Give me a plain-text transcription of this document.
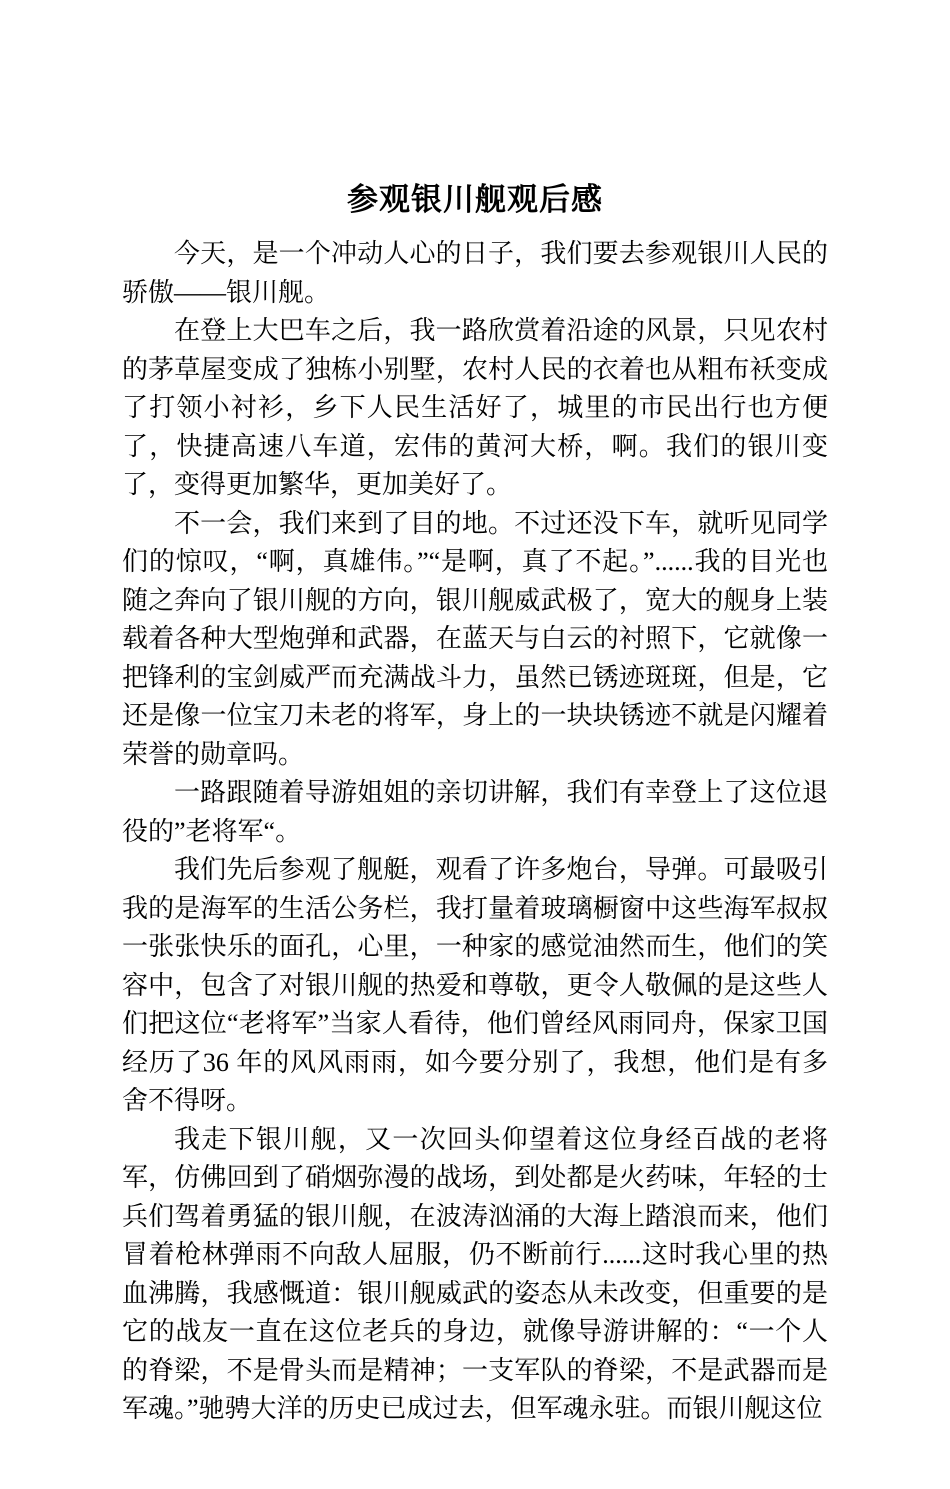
参观银川舰观后感

今天，是一个冲动人心的日子，我们要去参观银川人民的骄傲——银川舰。

在登上大巴车之后，我一路欣赏着沿途的风景，只见农村的茅草屋变成了独栋小别墅，农村人民的衣着也从粗布袄变成了打领小衬衫，乡下人民生活好了，城里的市民出行也方便了，快捷高速八车道，宏伟的黄河大桥，啊。我们的银川变了，变得更加繁华，更加美好了。

不一会，我们来到了目的地。不过还没下车，就听见同学们的惊叹，“啊，真雄伟。”“是啊，真了不起。”......我的目光也随之奔向了银川舰的方向，银川舰威武极了，宽大的舰身上装载着各种大型炮弹和武器，在蓝天与白云的衬照下，它就像一把锋利的宝剑威严而充满战斗力，虽然已锈迹斑斑，但是，它还是像一位宝刀未老的将军，身上的一块块锈迹不就是闪耀着荣誉的勋章吗。

一路跟随着导游姐姐的亲切讲解，我们有幸登上了这位退役的”老将军“。

我们先后参观了舰艇，观看了许多炮台，导弹。可最吸引我的是海军的生活公务栏，我打量着玻璃橱窗中这些海军叔叔一张张快乐的面孔，心里，一种家的感觉油然而生，他们的笑容中，包含了对银川舰的热爱和尊敬，更令人敬佩的是这些人们把这位“老将军”当家人看待，他们曾经风雨同舟，保家卫国经历了36 年的风风雨雨，如今要分别了，我想，他们是有多舍不得呀。

我走下银川舰，又一次回头仰望着这位身经百战的老将军，仿佛回到了硝烟弥漫的战场，到处都是火药味，年轻的士兵们驾着勇猛的银川舰，在波涛汹涌的大海上踏浪而来，他们冒着枪林弹雨不向敌人屈服，仍不断前行......这时我心里的热血沸腾，我感慨道：银川舰威武的姿态从未改变，但重要的是它的战友一直在这位老兵的身边，就像导游讲解的：“一个人的脊梁，不是骨头而是精神；一支军队的脊梁，不是武器而是军魂。”驰骋大洋的历史已成过去，但军魂永驻。而银川舰这位
